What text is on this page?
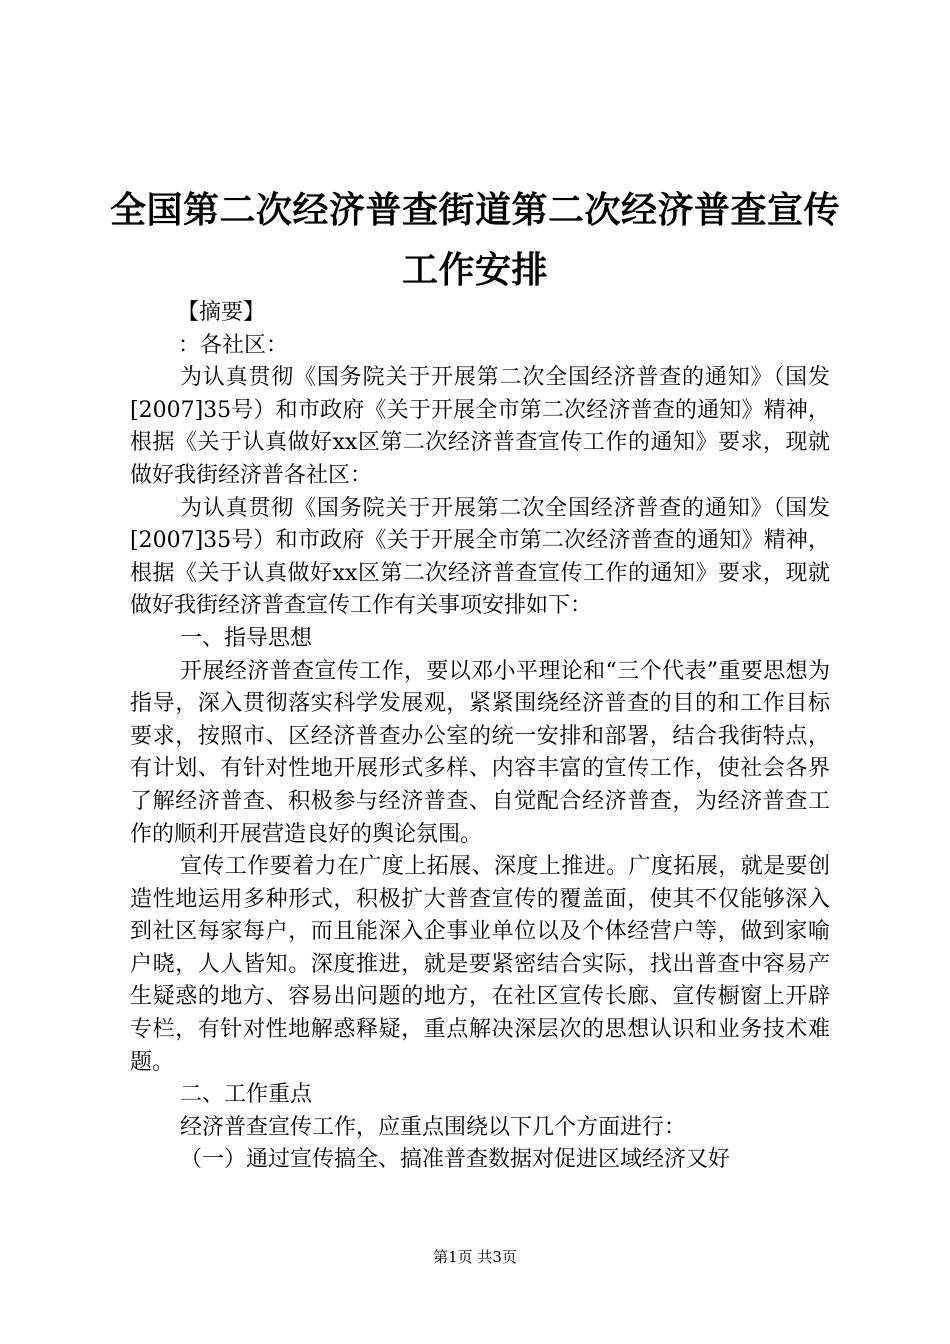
全国第二次经济普查街道第二次经济普查宣传
工作安排

【摘要】

：各社区：

为认真贯彻《国务院关于开展第二次全国经济普查的通知》（国发[2007]35号）和市政府《关于开展全市第二次经济普查的通知》精神，根据《关于认真做好xx区第二次经济普查宣传工作的通知》要求，现就做好我街经济普各社区：

为认真贯彻《国务院关于开展第二次全国经济普查的通知》（国发[2007]35号）和市政府《关于开展全市第二次经济普查的通知》精神，根据《关于认真做好xx区第二次经济普查宣传工作的通知》要求，现就做好我街经济普查宣传工作有关事项安排如下：

一、指导思想

开展经济普查宣传工作，要以邓小平理论和“三个代表”重要思想为指导，深入贯彻落实科学发展观，紧紧围绕经济普查的目的和工作目标要求，按照市、区经济普查办公室的统一安排和部署，结合我街特点，有计划、有针对性地开展形式多样、内容丰富的宣传工作，使社会各界了解经济普查、积极参与经济普查、自觉配合经济普查，为经济普查工作的顺利开展营造良好的舆论氛围。

宣传工作要着力在广度上拓展、深度上推进。广度拓展，就是要创造性地运用多种形式，积极扩大普查宣传的覆盖面，使其不仅能够深入到社区每家每户，而且能深入企事业单位以及个体经营户等，做到家喻户晓，人人皆知。深度推进，就是要紧密结合实际，找出普查中容易产生疑惑的地方、容易出问题的地方，在社区宣传长廊、宣传橱窗上开辟专栏，有针对性地解惑释疑，重点解决深层次的思想认识和业务技术难题。

二、工作重点

经济普查宣传工作，应重点围绕以下几个方面进行：

（一）通过宣传搞全、搞准普查数据对促进区域经济又好

第1页 共3页
